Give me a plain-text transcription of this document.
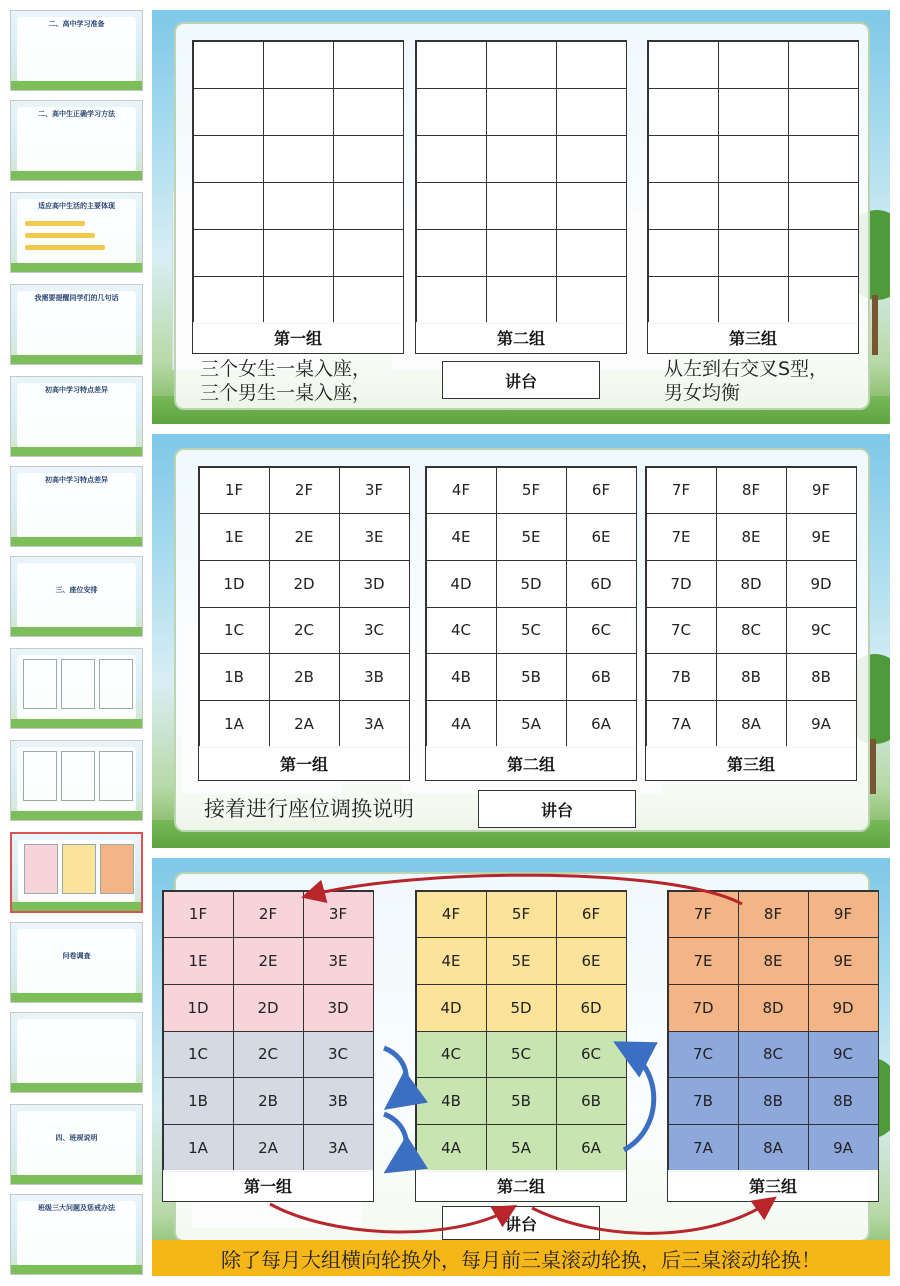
二、高中学习准备
二、高中生正确学习方法
适应高中生活的主要体现
我需要提醒同学们的几句话
初高中学习特点差异
初高中学习特点差异
三、座位安排
问卷调查
四、班规说明
班级三大问题及惩戒办法
第一组	第二组	第三组
讲台
三个女生一桌入座，
三个男生一桌入座，
从左到右交叉S型，
男女均衡
1F	2F	3F
1E	2E	3E
1D	2D	3D
1C	2C	3C
1B	2B	3B
1A	2A	3A
第一组
4F	5F	6F
4E	5E	6E
4D	5D	6D
4C	5C	6C
4B	5B	6B
4A	5A	6A
第二组
7F	8F	9F
7E	8E	9E
7D	8D	9D
7C	8C	9C
7B	8B	8B
7A	8A	9A
第三组
讲台
接着进行座位调换说明
1F	2F	3F
1E	2E	3E
1D	2D	3D
1C	2C	3C
1B	2B	3B
1A	2A	3A
第一组
4F	5F	6F
4E	5E	6E
4D	5D	6D
4C	5C	6C
4B	5B	6B
4A	5A	6A
第二组
7F	8F	9F
7E	8E	9E
7D	8D	9D
7C	8C	9C
7B	8B	8B
7A	8A	9A
第三组
讲台
除了每月大组横向轮换外，每月前三桌滚动轮换，后三桌滚动轮换！
